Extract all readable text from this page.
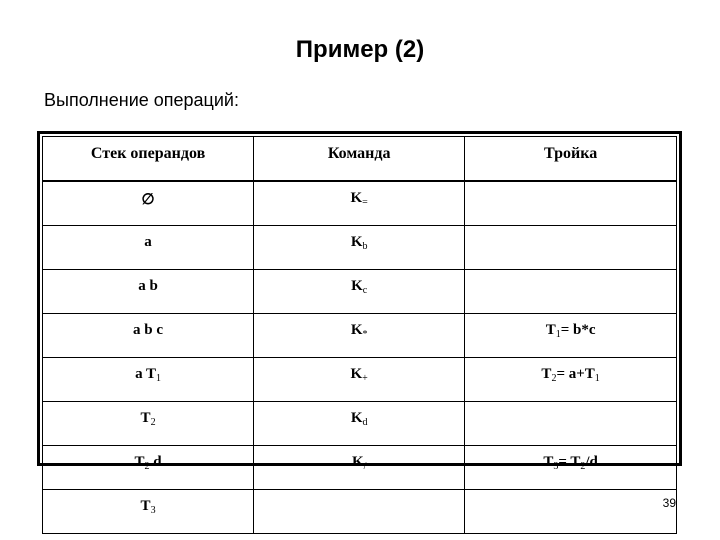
Пример (2)
Выполнение операций:
Стек операндов	Команда	Тройка
∅	$K_=$	
a	$K_b$	
a b	$K_c$	
a b c	$K_*$	$T_1= b*c$
a $T_1$	$K_+$	$T_2= a+T_1$
$T_2$	$K_d$	
$T_2$ d	$K_/$	$T_3= T_2/d$
$T_3$		
39
